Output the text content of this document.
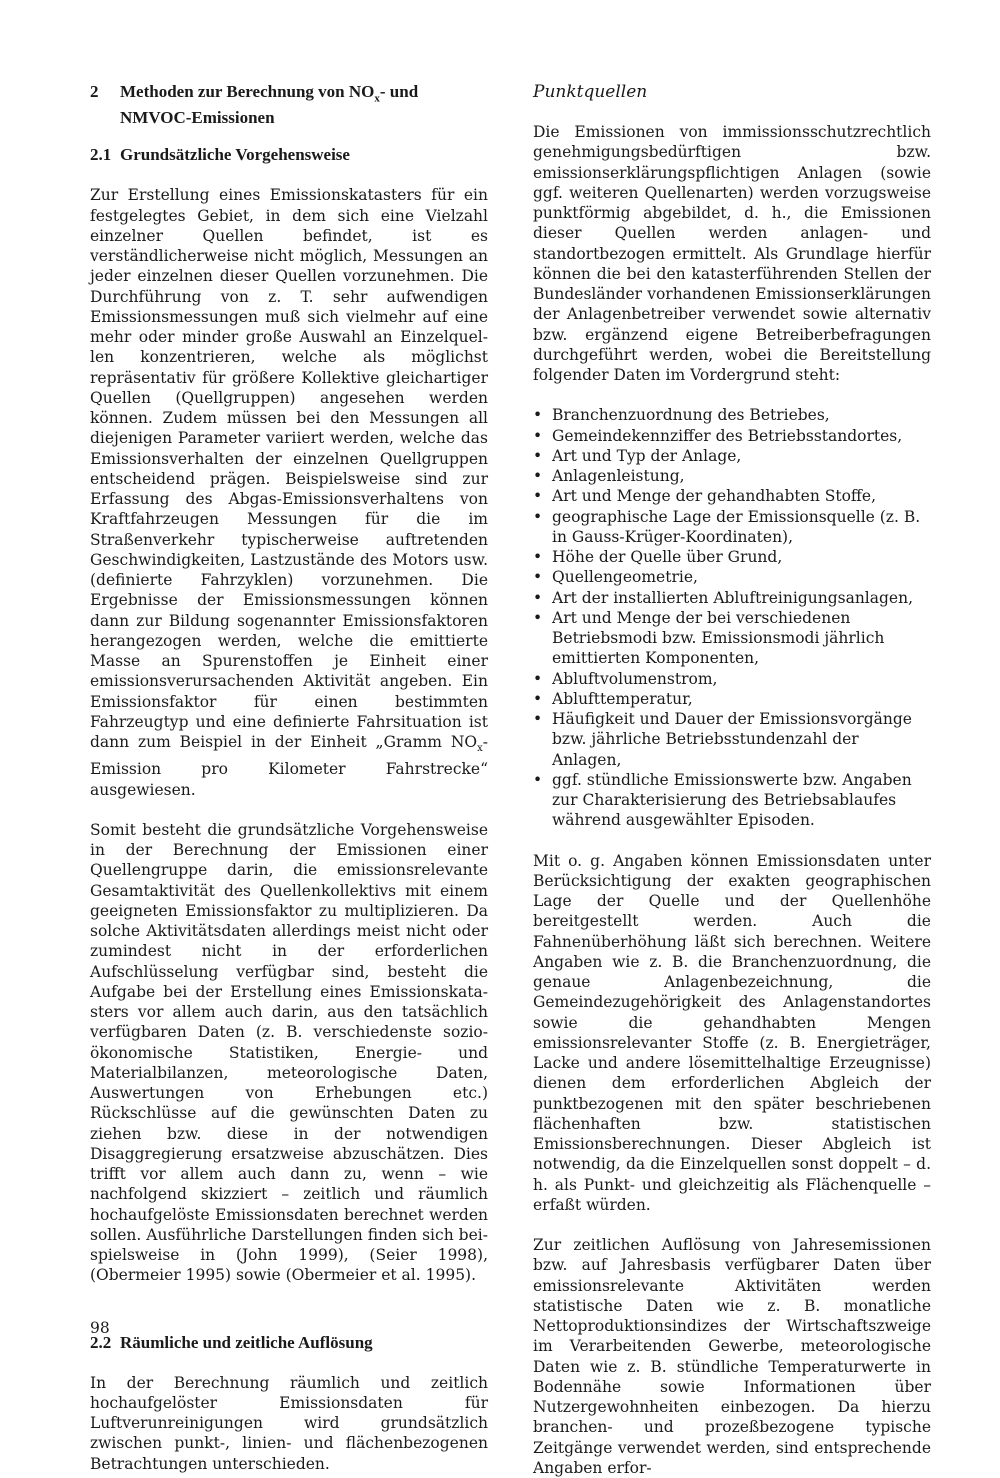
2	Methoden zur Berechnung von $NO_x-$ und
NMVOC-Emissionen
2.1 Grundsätzliche Vorgehensweise

Zur Erstellung eines Emissionskatasters für ein festgelegtes Gebiet, in dem sich eine Vielzahl einzelner Quellen befindet, ist es verständlicherweise nicht möglich, Messungen an jeder einzelnen dieser Quellen vorzunehmen. Die Durchführung von z. T. sehr aufwendigen Emissionsmessungen muß sich vielmehr auf eine mehr oder minder große Auswahl an Einzelquellen konzentrieren, welche als möglichst repräsentativ für größere Kollektive gleichartiger Quellen (Quellgruppen) angesehen werden können. Zudem müssen bei den Messungen all diejenigen Parameter variiert werden, welche das Emissionsverhalten der einzelnen Quellgruppen entscheidend prägen. Beispielsweise sind zur Erfassung des Abgas-Emissionsverhaltens von Kraftfahrzeugen Messungen für die im Straßenverkehr typischerweise auftretenden Geschwindigkeiten, Lastzustände des Motors usw. (definierte Fahrzyklen) vorzunehmen. Die Ergebnisse der Emissionsmessungen können dann zur Bildung sogenannter Emissionsfaktoren herangezogen werden, welche die emittierte Masse an Spurenstoffen je Einheit einer emissionsverursachenden Aktivität angeben. Ein Emissionsfaktor für einen bestimmten Fahrzeugtyp und eine definierte Fahrsituation ist dann zum Beispiel in der Einheit „Gramm $NO_x$-Emission pro Kilometer Fahrstrecke“ ausgewiesen.

Somit besteht die grundsätzliche Vorgehensweise in der Berechnung der Emissionen einer Quellengruppe darin, die emissionsrelevante Gesamtaktivität des Quellenkollektivs mit einem geeigneten Emissionsfaktor zu multiplizieren. Da solche Aktivitätsdaten allerdings meist nicht oder zumindest nicht in der erforderlichen Aufschlüsselung verfügbar sind, besteht die Aufgabe bei der Erstellung eines Emissionskatasters vor allem auch darin, aus den tatsächlich verfügbaren Daten (z. B. verschiedenste sozio-ökonomische Statistiken, Energie- und Materialbilanzen, meteorologische Daten, Auswertungen von Erhebungen etc.) Rückschlüsse auf die gewünschten Daten zu ziehen bzw. diese in der notwendigen Disaggregierung ersatzweise abzuschätzen. Dies trifft vor allem auch dann zu, wenn – wie nachfolgend skizziert – zeitlich und räumlich hochaufgelöste Emissionsdaten berechnet werden sollen. Ausführliche Darstellungen finden sich beispielsweise in (John 1999), (Seier 1998), (Obermeier 1995) sowie (Obermeier et al. 1995).

2.2 Räumliche und zeitliche Auflösung

In der Berechnung räumlich und zeitlich hochaufgelöster Emissionsdaten für Luftverunreinigungen wird grundsätzlich zwischen punkt-, linien- und flächenbezogenen Betrachtungen unterschieden.

Punktquellen

Die Emissionen von immissionsschutzrechtlich genehmigungsbedürftigen bzw. emissionserklärungspflichtigen Anlagen (sowie ggf. weiteren Quellenarten) werden vorzugsweise punktförmig abgebildet, d. h., die Emissionen dieser Quellen werden anlagen- und standortbezogen ermittelt. Als Grundlage hierfür können die bei den katasterführenden Stellen der Bundesländer vorhandenen Emissionserklärungen der Anlagenbetreiber verwendet sowie alternativ bzw. ergänzend eigene Betreiberbefragungen durchgeführt werden, wobei die Bereitstellung folgender Daten im Vordergrund steht:

• Branchenzuordnung des Betriebes,
• Gemeindekennziffer des Betriebsstandortes,
• Art und Typ der Anlage,
• Anlagenleistung,
• Art und Menge der gehandhabten Stoffe,
• geographische Lage der Emissionsquelle (z. B. in Gauss-Krüger-Koordinaten),
• Höhe der Quelle über Grund,
• Quellengeometrie,
• Art der installierten Abluftreinigungsanlagen,
• Art und Menge der bei verschiedenen Betriebsmodi bzw. Emissionsmodi jährlich emittierten Komponenten,
• Abluftvolumenstrom,
• Ablufttemperatur,
• Häufigkeit und Dauer der Emissionsvorgänge bzw. jährliche Betriebsstundenzahl der Anlagen,
• ggf. stündliche Emissionswerte bzw. Angaben zur Charakterisierung des Betriebsablaufes während ausgewählter Episoden.

Mit o. g. Angaben können Emissionsdaten unter Berücksichtigung der exakten geographischen Lage der Quelle und der Quellenhöhe bereitgestellt werden. Auch die Fahnenüberhöhung läßt sich berechnen. Weitere Angaben wie z. B. die Branchenzuordnung, die genaue Anlagenbezeichnung, die Gemeindezugehörigkeit des Anlagenstandortes sowie die gehandhabten Mengen emissionsrelevanter Stoffe (z. B. Energieträger, Lacke und andere lösemittelhaltige Erzeugnisse) dienen dem erforderlichen Abgleich der punktbezogenen mit den später beschriebenen flächenhaften bzw. statistischen Emissionsberechnungen. Dieser Abgleich ist notwendig, da die Einzelquellen sonst doppelt – d. h. als Punkt- und gleichzeitig als Flächenquelle – erfaßt würden.

Zur zeitlichen Auflösung von Jahresemissionen bzw. auf Jahresbasis verfügbarer Daten über emissionsrelevante Aktivitäten werden statistische Daten wie z. B. monatliche Nettoproduktionsindizes der Wirtschaftszweige im Verarbeitenden Gewerbe, meteorologische Daten wie z. B. stündliche Temperaturwerte in Bodennähe sowie Informationen über Nutzergewohnheiten einbezogen. Da hierzu branchen- und prozeßbezogene typische Zeitgänge verwendet werden, sind entsprechende Angaben erfor-

98
